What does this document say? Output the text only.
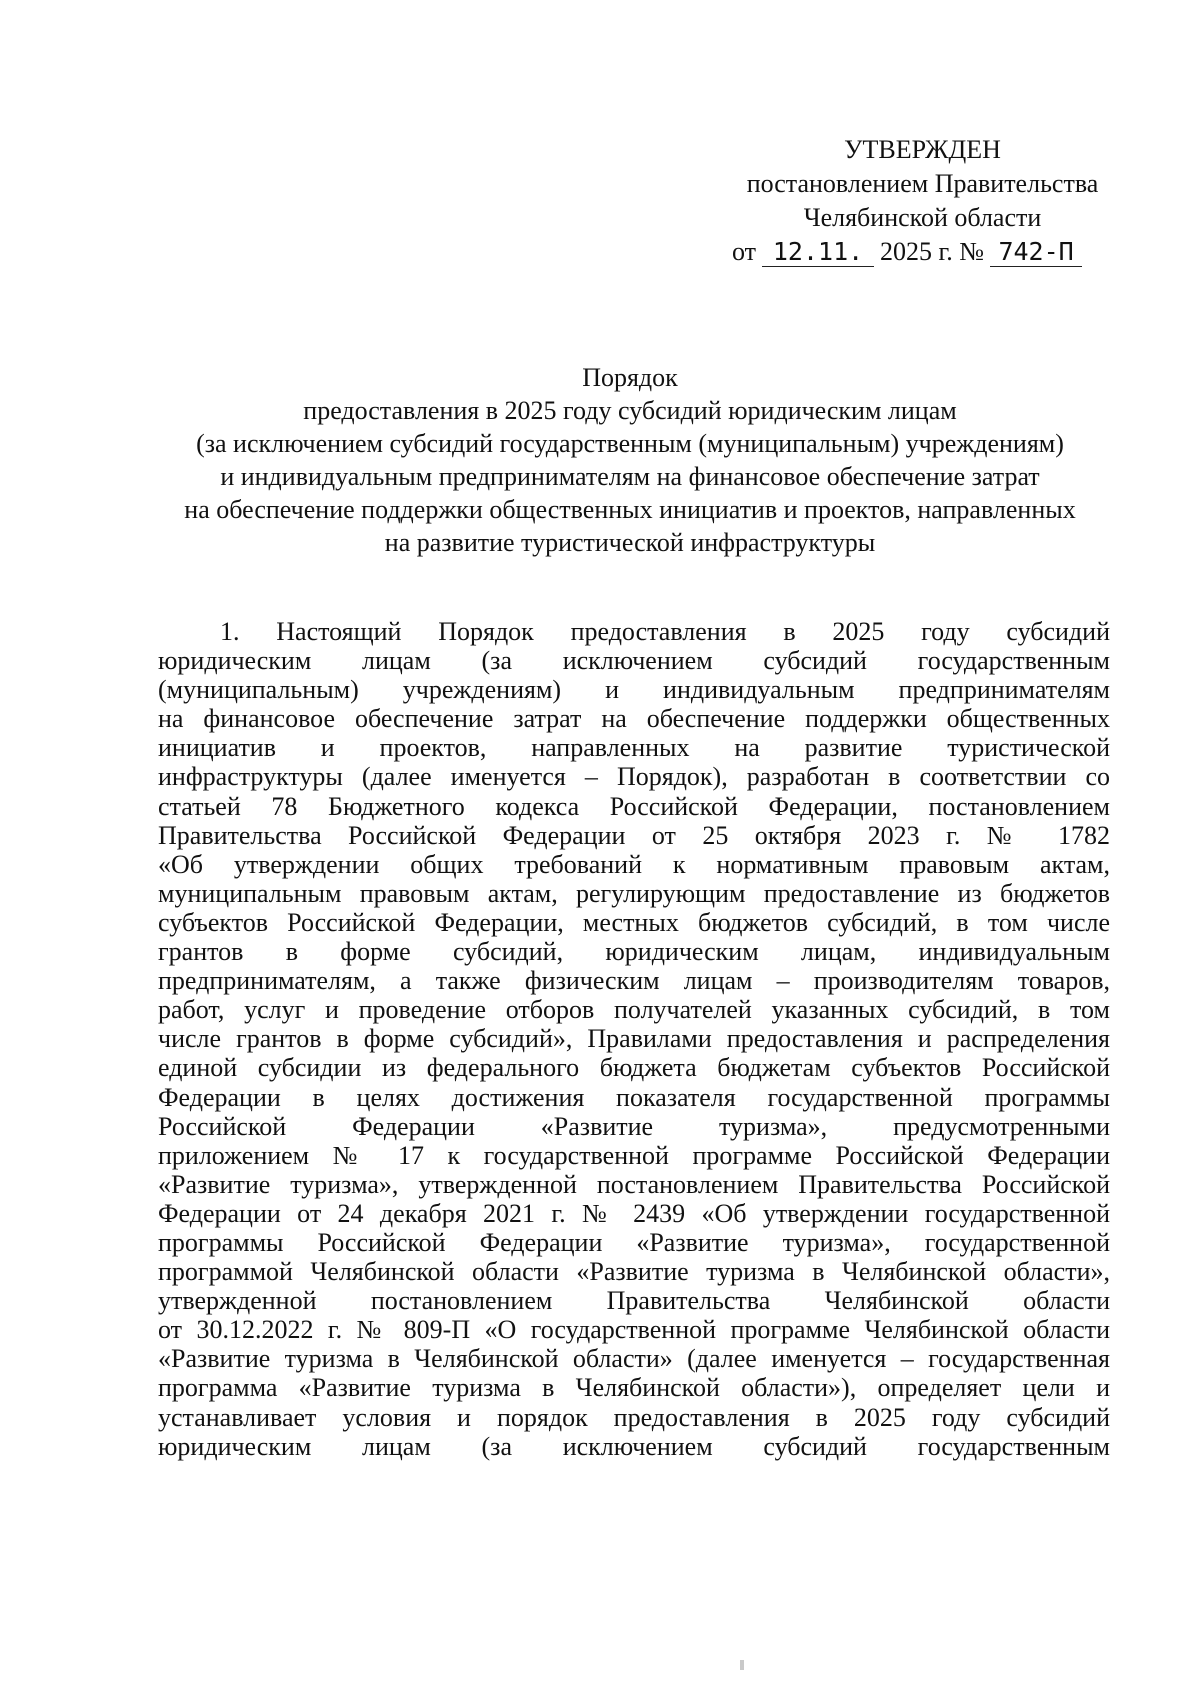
УТВЕРЖДЕН
постановлением Правительства
Челябинской области
от 12.11. 2025 г. № 742-П
Порядок
предоставления в 2025 году субсидий юридическим лицам
(за исключением субсидий государственным (муниципальным) учреждениям)
и индивидуальным предпринимателям на финансовое обеспечение затрат
на обеспечение поддержки общественных инициатив и проектов, направленных
на развитие туристической инфраструктуры
1. Настоящий Порядок предоставления в 2025 году субсидий
юридическим лицам (за исключением субсидий государственным
(муниципальным) учреждениям) и индивидуальным предпринимателям
на финансовое обеспечение затрат на обеспечение поддержки общественных
инициатив и проектов, направленных на развитие туристической
инфраструктуры (далее именуется – Порядок), разработан в соответствии со
статьей 78 Бюджетного кодекса Российской Федерации, постановлением
Правительства Российской Федерации от 25 октября 2023 г. № 1782
«Об утверждении общих требований к нормативным правовым актам,
муниципальным правовым актам, регулирующим предоставление из бюджетов
субъектов Российской Федерации, местных бюджетов субсидий, в том числе
грантов в форме субсидий, юридическим лицам, индивидуальным
предпринимателям, а также физическим лицам – производителям товаров,
работ, услуг и проведение отборов получателей указанных субсидий, в том
числе грантов в форме субсидий», Правилами предоставления и распределения
единой субсидии из федерального бюджета бюджетам субъектов Российской
Федерации в целях достижения показателя государственной программы
Российской Федерации «Развитие туризма», предусмотренными
приложением № 17 к государственной программе Российской Федерации
«Развитие туризма», утвержденной постановлением Правительства Российской
Федерации от 24 декабря 2021 г. № 2439 «Об утверждении государственной
программы Российской Федерации «Развитие туризма», государственной
программой Челябинской области «Развитие туризма в Челябинской области»,
утвержденной постановлением Правительства Челябинской области
от 30.12.2022 г. № 809-П «О государственной программе Челябинской области
«Развитие туризма в Челябинской области» (далее именуется – государственная
программа «Развитие туризма в Челябинской области»), определяет цели и
устанавливает условия и порядок предоставления в 2025 году субсидий
юридическим лицам (за исключением субсидий государственным
